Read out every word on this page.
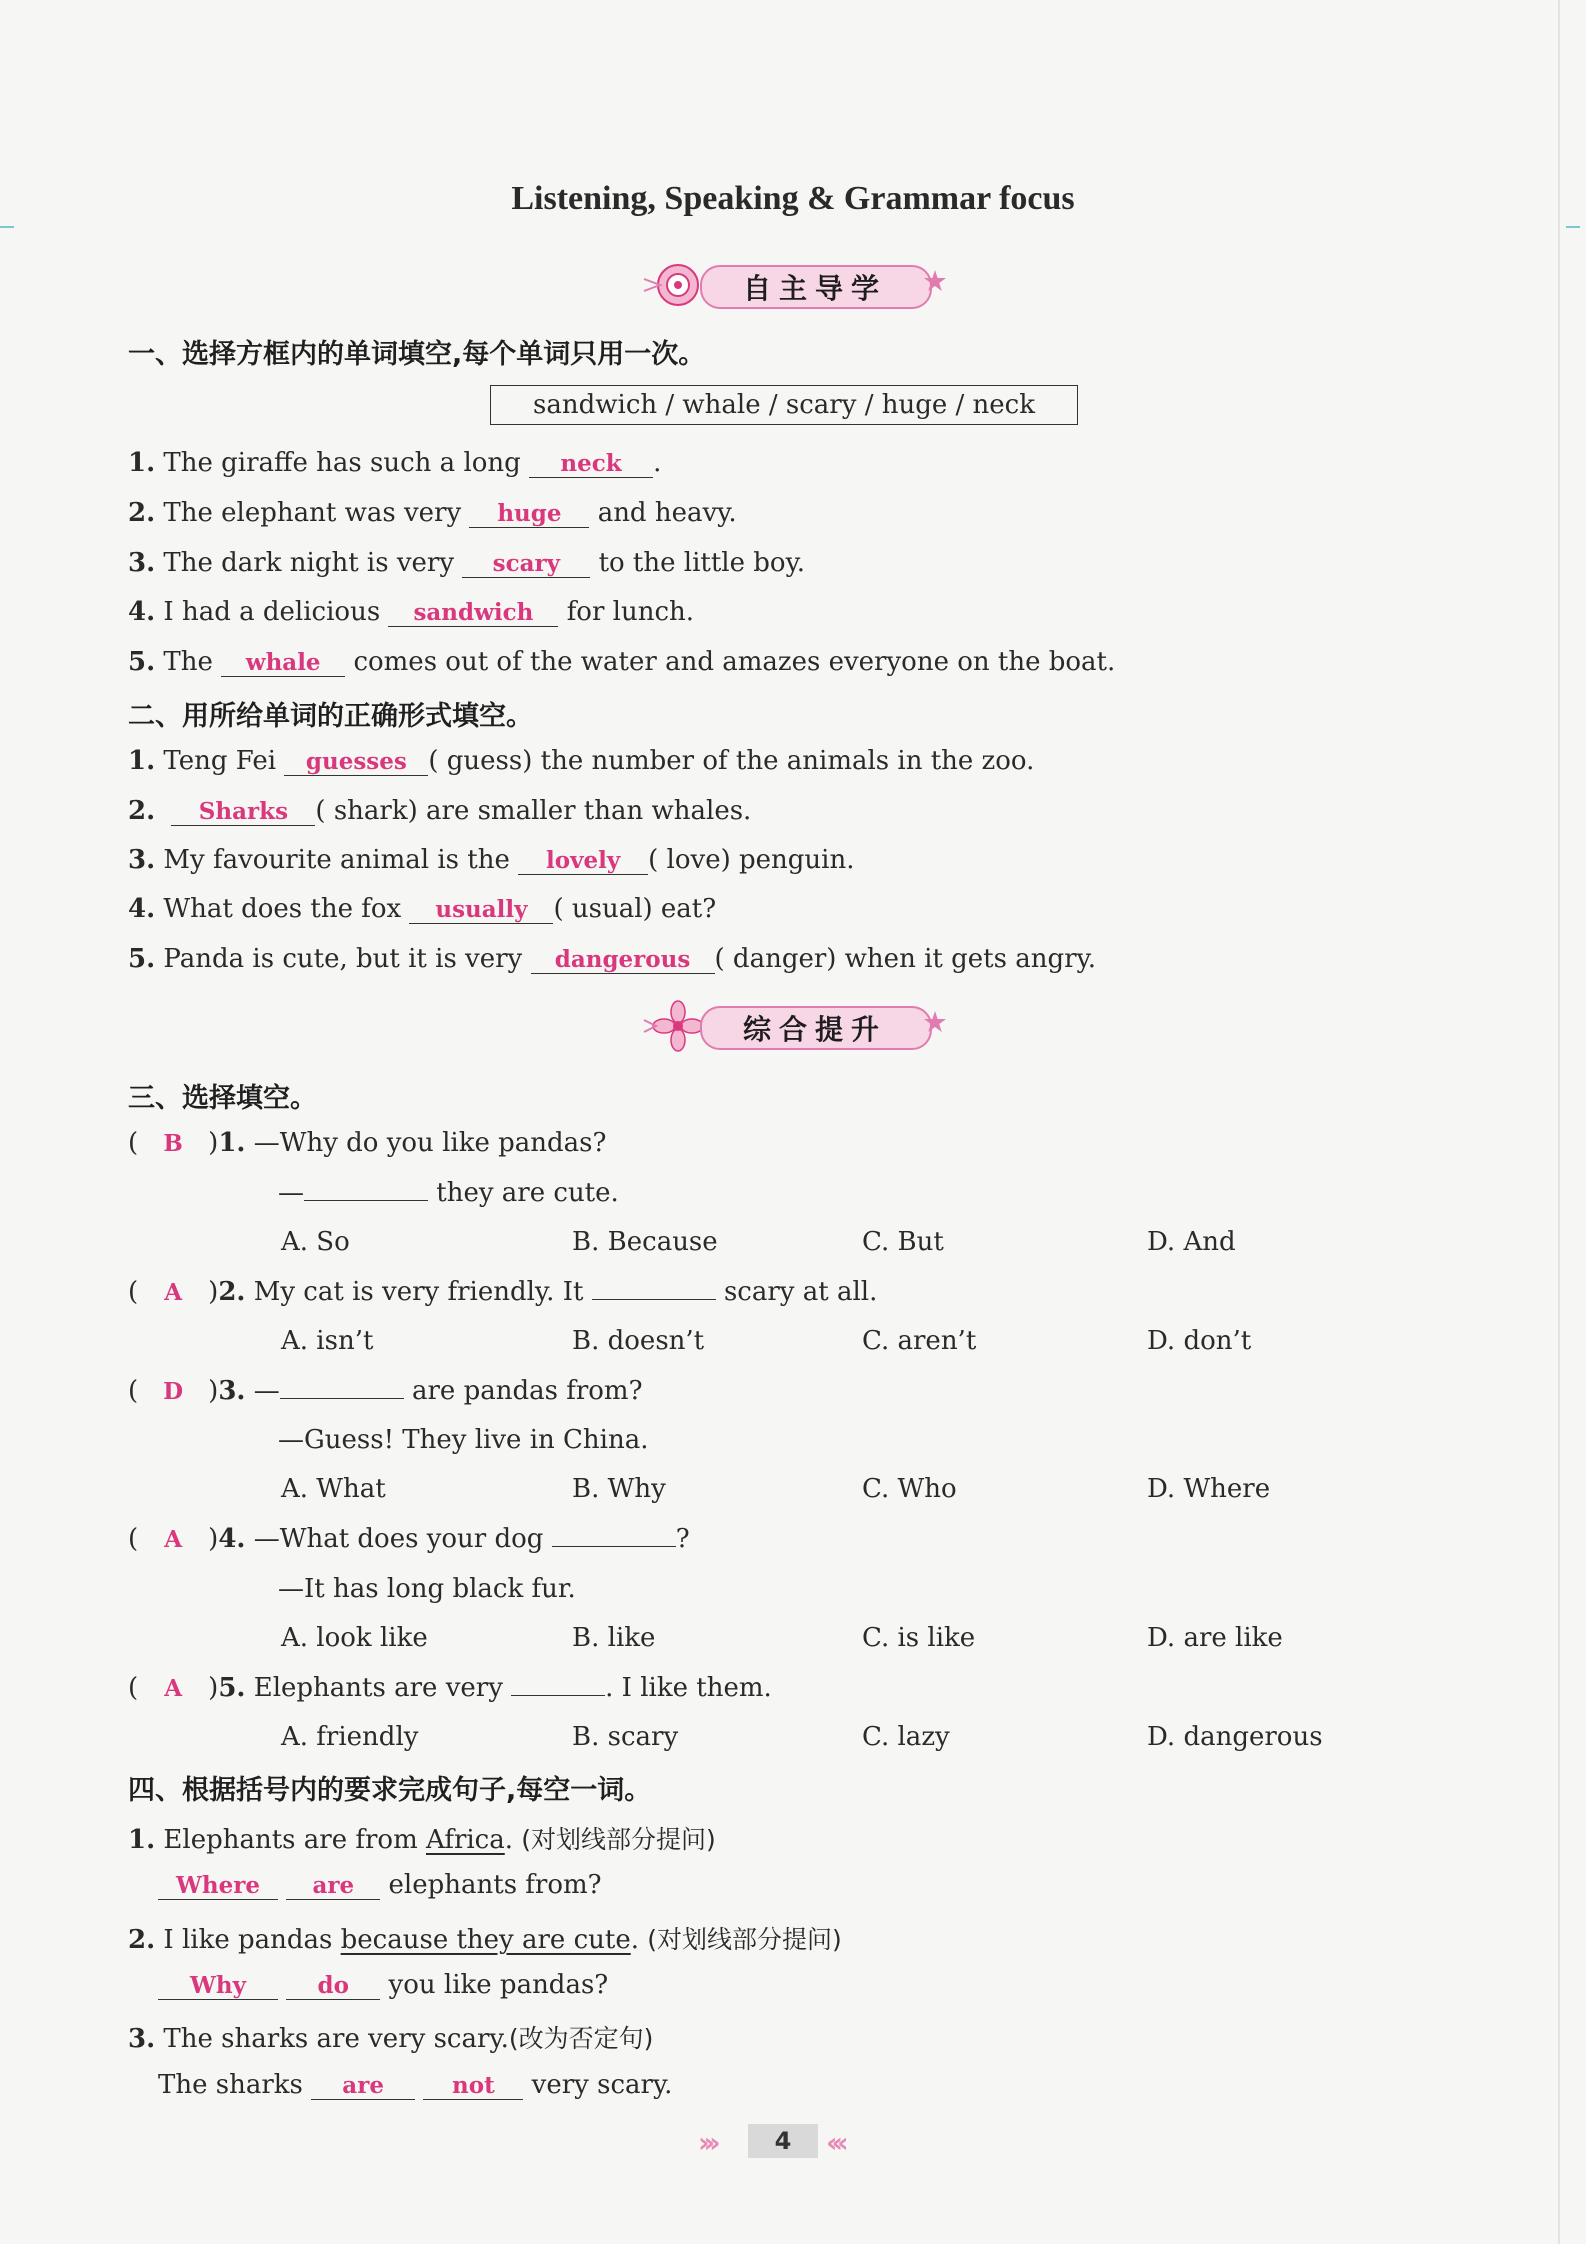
Listening, Speaking & Grammar focus
自主导学
一、选择方框内的单词填空,每个单词只用一次。
sandwich / whale / scary / huge / neck
1. The giraffe has such a long neck .
2. The elephant was very huge and heavy.
3. The dark night is very scary to the little boy.
4. I had a delicious sandwich for lunch.
5. The whale comes out of the water and amazes everyone on the boat.
二、用所给单词的正确形式填空。
1. Teng Fei guesses ( guess) the number of the animals in the zoo.
2. Sharks ( shark) are smaller than whales.
3. My favourite animal is the lovely ( love) penguin.
4. What does the fox usually ( usual) eat?
5. Panda is cute, but it is very dangerous ( danger) when it gets angry.
综合提升
三、选择填空。
( B )1. —Why do you like pandas?
—	they are cute.
A. So	B. Because	C. But	D. And
( A )2. My cat is very friendly. It	scary at all.
A. isn’t	B. doesn’t	C. aren’t	D. don’t
( D )3. —	are pandas from?
—Guess! They live in China.
A. What	B. Why	C. Who	D. Where
( A )4. —What does your dog	?
—It has long black fur.
A. look like	B. like	C. is like	D. are like
( A )5. Elephants are very	. I like them.
A. friendly	B. scary	C. lazy	D. dangerous
四、根据括号内的要求完成句子,每空一词。
1. Elephants are from Africa. (对划线部分提问)
Where are elephants from?
2. I like pandas because they are cute. (对划线部分提问)
Why	do you like pandas?
3. The sharks are very scary.(改为否定句)
The sharks are	not very scary.
›››	4	‹‹‹
